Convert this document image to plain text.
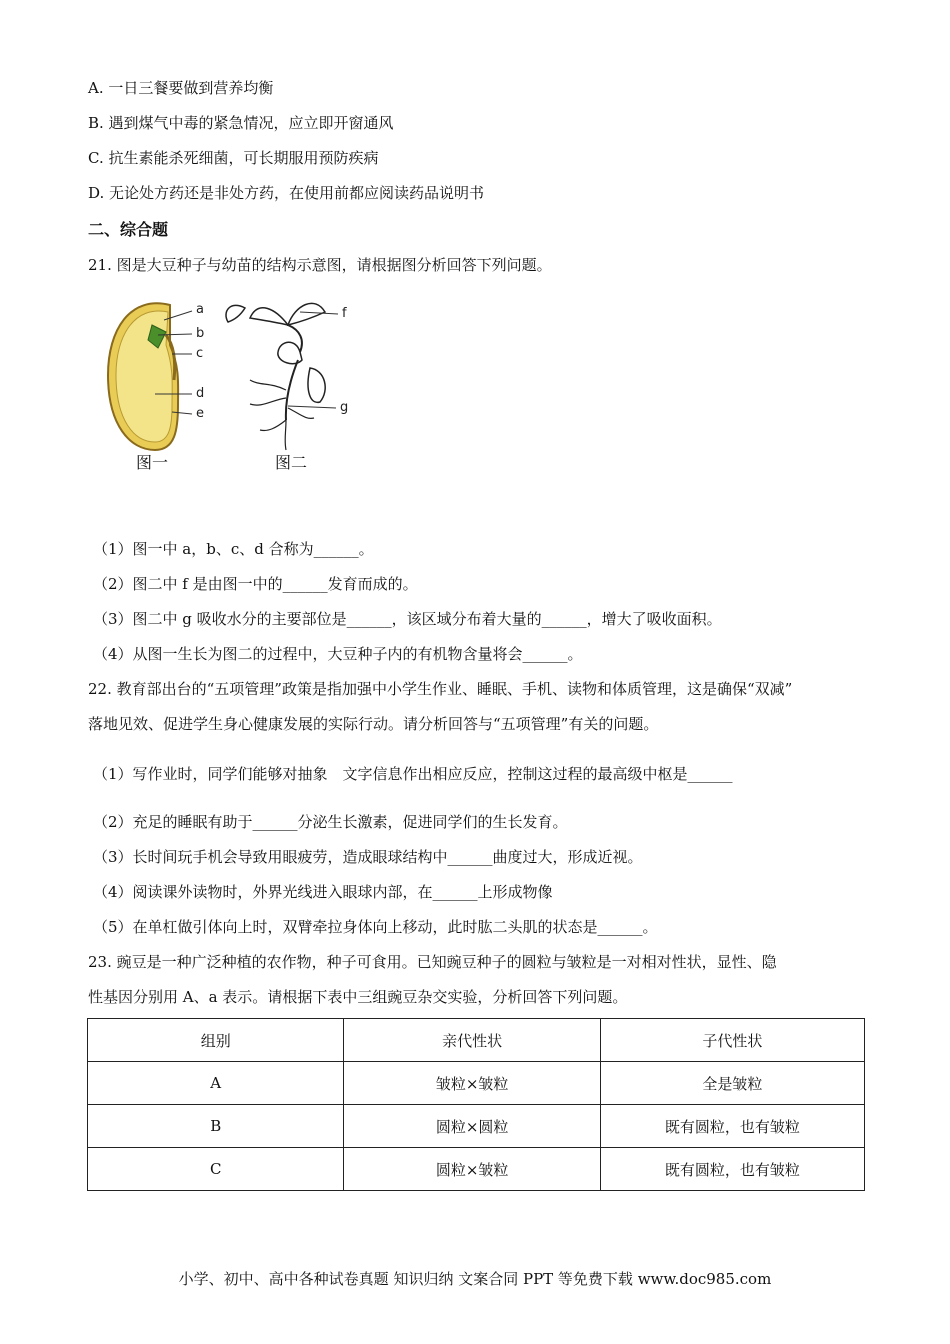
A. 一日三餐要做到营养均衡
B. 遇到煤气中毒的紧急情况，应立即开窗通风
C. 抗生素能杀死细菌，可长期服用预防疾病
D. 无论处方药还是非处方药，在使用前都应阅读药品说明书
二、综合题
21. 图是大豆种子与幼苗的结构示意图，请根据图分析回答下列问题。
a
b
c
d
e
f
g
图一	图二
（1）图一中 a，b、c、d 合称为______。
（2）图二中 f 是由图一中的______发育而成的。
（3）图二中 g 吸收水分的主要部位是______，该区域分布着大量的______，增大了吸收面积。
（4）从图一生长为图二的过程中，大豆种子内的有机物含量将会______。
22. 教育部出台的“五项管理”政策是指加强中小学生作业、睡眠、手机、读物和体质管理，这是确保“双减”
落地见效、促进学生身心健康发展的实际行动。请分析回答与“五项管理”有关的问题。
（1）写作业时，同学们能够对抽象　文字信息作出相应反应，控制这过程的最高级中枢是______
（2）充足的睡眠有助于______分泌生长激素，促进同学们的生长发育。
（3）长时间玩手机会导致用眼疲劳，造成眼球结构中______曲度过大，形成近视。
（4）阅读课外读物时，外界光线进入眼球内部，在______上形成物像
（5）在单杠做引体向上时，双臂牵拉身体向上移动，此时肱二头肌的状态是______。
23. 豌豆是一种广泛种植的农作物，种子可食用。已知豌豆种子的圆粒与皱粒是一对相对性状，显性、隐
性基因分别用 A、a 表示。请根据下表中三组豌豆杂交实验，分析回答下列问题。
组别	亲代性状	子代性状
A	皱粒×皱粒	全是皱粒
B	圆粒×圆粒	既有圆粒，也有皱粒
C	圆粒×皱粒	既有圆粒，也有皱粒
小学、初中、高中各种试卷真题 知识归纳 文案合同 PPT 等免费下载 www.doc985.com
